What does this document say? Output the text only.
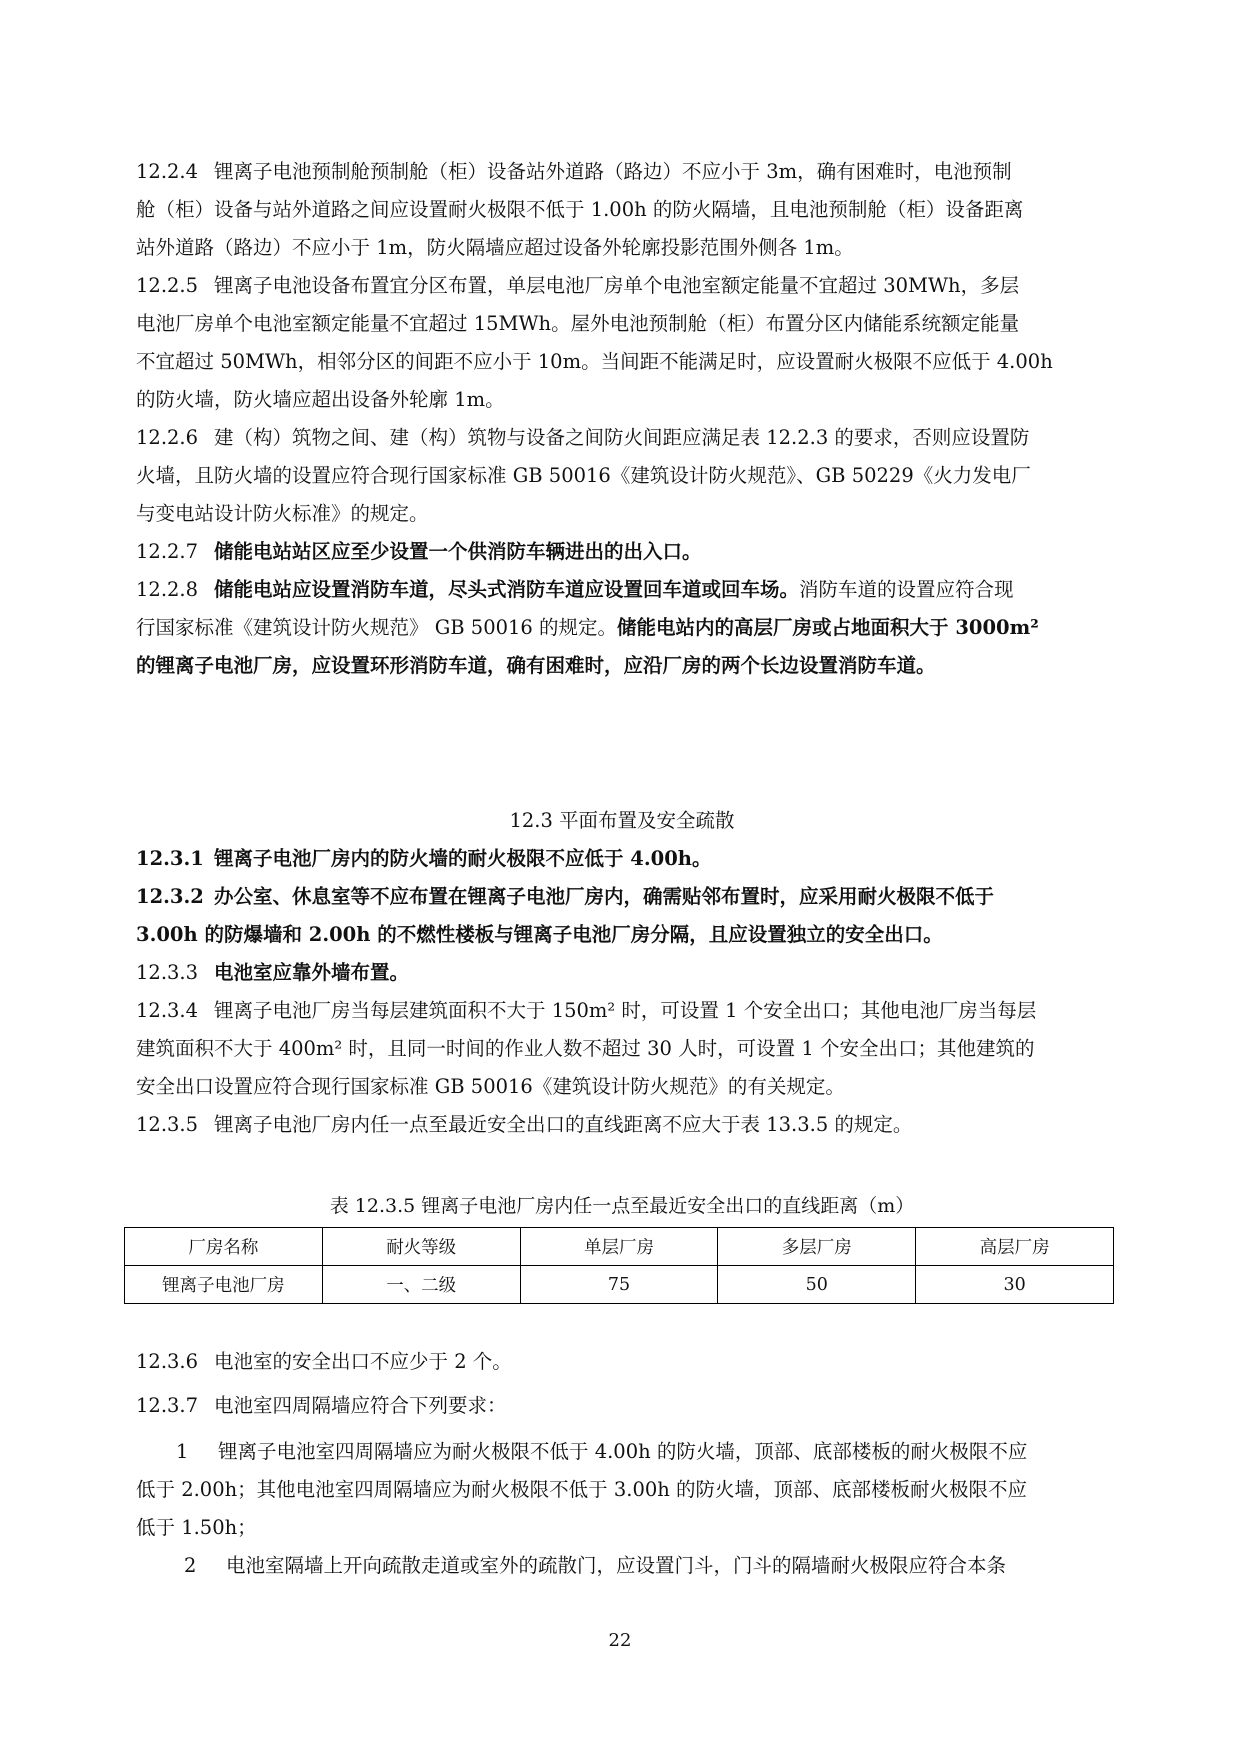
12.2.4 锂离子电池预制舱预制舱（柜）设备站外道路（路边）不应小于 3m，确有困难时，电池预制
舱（柜）设备与站外道路之间应设置耐火极限不低于 1.00h 的防火隔墙，且电池预制舱（柜）设备距离
站外道路（路边）不应小于 1m，防火隔墙应超过设备外轮廓投影范围外侧各 1m。
12.2.5 锂离子电池设备布置宜分区布置，单层电池厂房单个电池室额定能量不宜超过 30MWh，多层
电池厂房单个电池室额定能量不宜超过 15MWh。屋外电池预制舱（柜）布置分区内储能系统额定能量
不宜超过 50MWh，相邻分区的间距不应小于 10m。当间距不能满足时，应设置耐火极限不应低于 4.00h
的防火墙，防火墙应超出设备外轮廓 1m。
12.2.6 建（构）筑物之间、建（构）筑物与设备之间防火间距应满足表 12.2.3 的要求，否则应设置防
火墙，且防火墙的设置应符合现行国家标准 GB 50016《建筑设计防火规范》、GB 50229《火力发电厂
与变电站设计防火标准》的规定。
12.2.7 储能电站站区应至少设置一个供消防车辆进出的出入口。
12.2.8 储能电站应设置消防车道，尽头式消防车道应设置回车道或回车场。消防车道的设置应符合现
行国家标准《建筑设计防火规范》 GB 50016 的规定。储能电站内的高层厂房或占地面积大于 3000m²
的锂离子电池厂房，应设置环形消防车道，确有困难时，应沿厂房的两个长边设置消防车道。
12.3 平面布置及安全疏散
12.3.1 锂离子电池厂房内的防火墙的耐火极限不应低于 4.00h。
12.3.2 办公室、休息室等不应布置在锂离子电池厂房内，确需贴邻布置时，应采用耐火极限不低于
3.00h 的防爆墙和 2.00h 的不燃性楼板与锂离子电池厂房分隔，且应设置独立的安全出口。
12.3.3 电池室应靠外墙布置。
12.3.4 锂离子电池厂房当每层建筑面积不大于 150m² 时，可设置 1 个安全出口；其他电池厂房当每层
建筑面积不大于 400m² 时，且同一时间的作业人数不超过 30 人时，可设置 1 个安全出口；其他建筑的
安全出口设置应符合现行国家标准 GB 50016《建筑设计防火规范》的有关规定。
12.3.5 锂离子电池厂房内任一点至最近安全出口的直线距离不应大于表 13.3.5 的规定。
表 12.3.5 锂离子电池厂房内任一点至最近安全出口的直线距离（m）
厂房名称	耐火等级	单层厂房	多层厂房	高层厂房
锂离子电池厂房	一、二级	75	50	30
12.3.6 电池室的安全出口不应少于 2 个。
12.3.7 电池室四周隔墙应符合下列要求：
1 锂离子电池室四周隔墙应为耐火极限不低于 4.00h 的防火墙，顶部、底部楼板的耐火极限不应
低于 2.00h；其他电池室四周隔墙应为耐火极限不低于 3.00h 的防火墙，顶部、底部楼板耐火极限不应
低于 1.50h；
2 电池室隔墙上开向疏散走道或室外的疏散门，应设置门斗，门斗的隔墙耐火极限应符合本条
22
